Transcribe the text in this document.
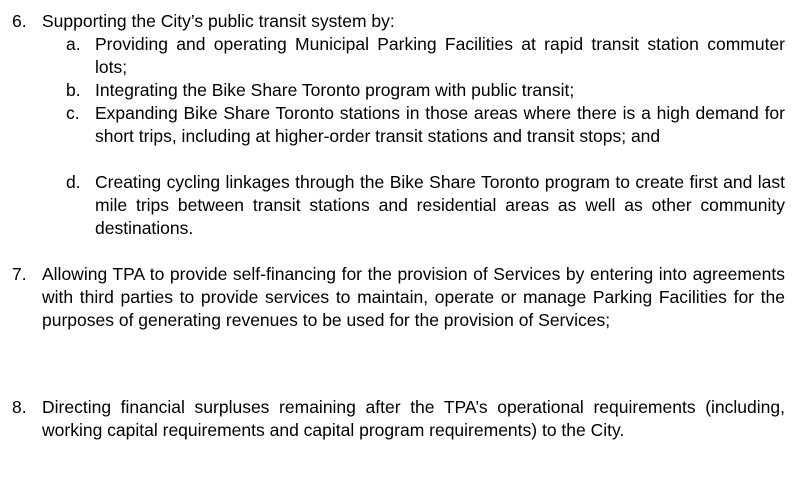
6. Supporting the City’s public transit system by:
a. Providing and operating Municipal Parking Facilities at rapid transit station commuter lots;
b. Integrating the Bike Share Toronto program with public transit;
c. Expanding Bike Share Toronto stations in those areas where there is a high demand for short trips, including at higher-order transit stations and transit stops; and
d. Creating cycling linkages through the Bike Share Toronto program to create first and last mile trips between transit stations and residential areas as well as other community destinations.
7. Allowing TPA to provide self-financing for the provision of Services by entering into agreements with third parties to provide services to maintain, operate or manage Parking Facilities for the purposes of generating revenues to be used for the provision of Services;
8. Directing financial surpluses remaining after the TPA’s operational requirements (including, working capital requirements and capital program requirements) to the City.
